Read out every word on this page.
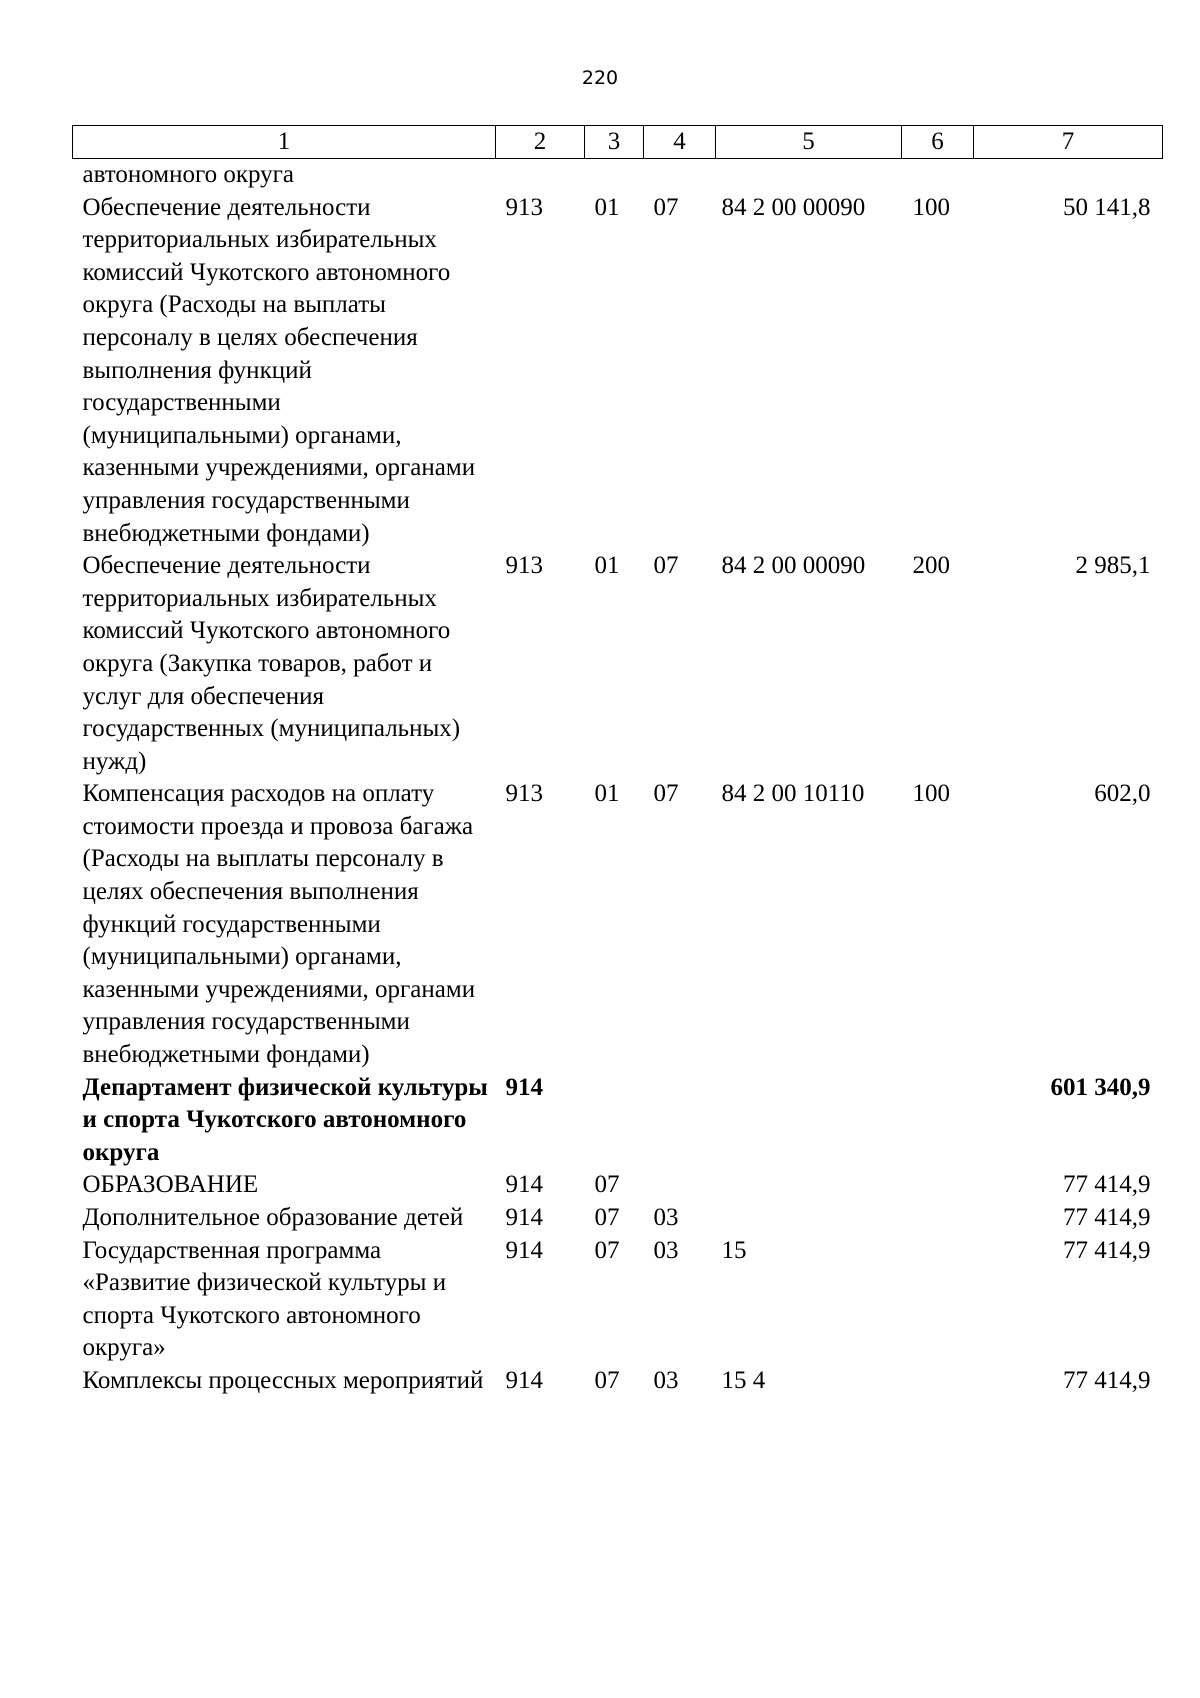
220
1	2	3	4	5	6	7
автономного округа						
Обеспечение деятельности территориальных избирательных комиссий Чукотского автономного округа (Расходы на выплаты персоналу в целях обеспечения выполнения функций государственными (муниципальными) органами, казенными учреждениями, органами управления государственными внебюджетными фондами)	913	01	07	84 2 00 00090	100	50 141,8
Обеспечение деятельности территориальных избирательных комиссий Чукотского автономного округа (Закупка товаров, работ и услуг для обеспечения государственных (муниципальных) нужд)	913	01	07	84 2 00 00090	200	2 985,1
Компенсация расходов на оплату стоимости проезда и провоза багажа (Расходы на выплаты персоналу в целях обеспечения выполнения функций государственными (муниципальными) органами, казенными учреждениями, органами управления государственными внебюджетными фондами)	913	01	07	84 2 00 10110	100	602,0
Департамент физической культуры и спорта Чукотского автономного округа	914					601 340,9
ОБРАЗОВАНИЕ	914	07				77 414,9
Дополнительное образование детей	914	07	03			77 414,9
Государственная программа «Развитие физической культуры и спорта Чукотского автономного округа»	914	07	03	15		77 414,9
Комплексы процессных мероприятий	914	07	03	15 4		77 414,9
